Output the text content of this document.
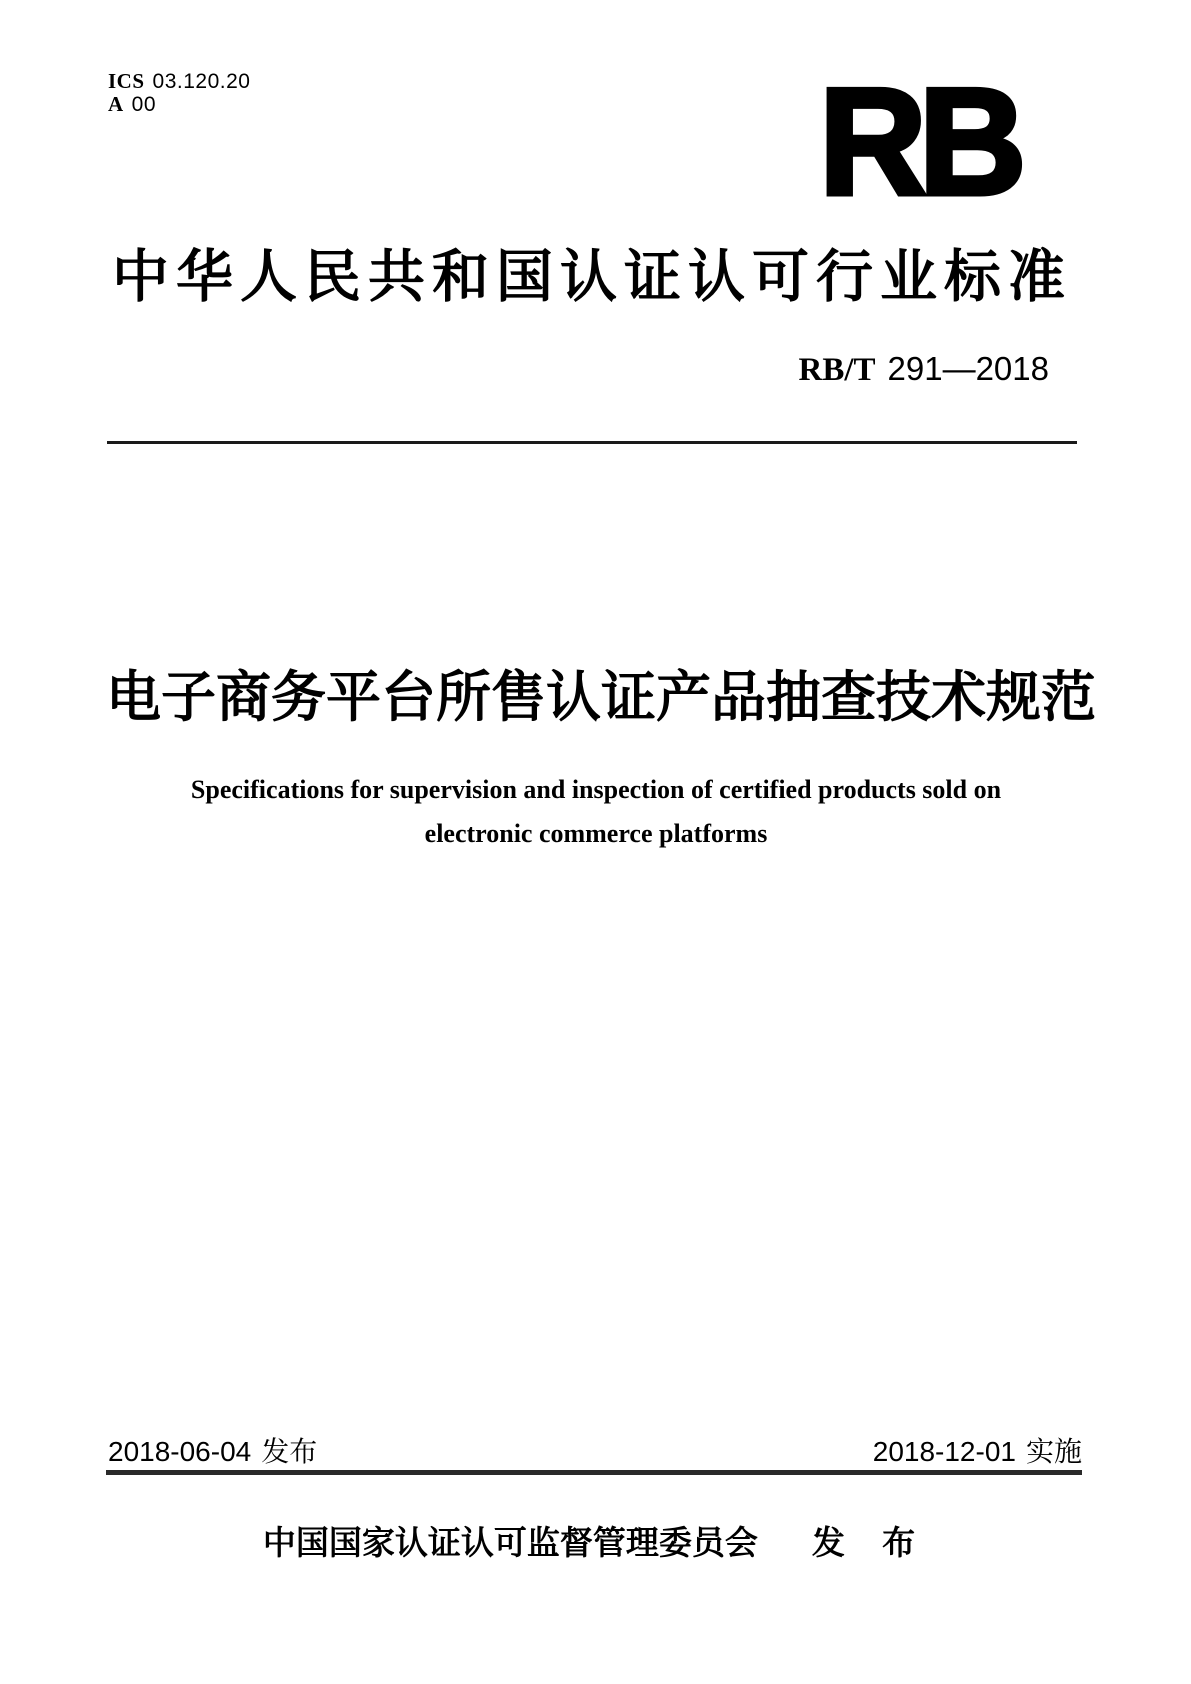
ICS 03.120.20
A 00	RB
中华人民共和国认证认可行业标准
RB/T 291—2018
电子商务平台所售认证产品抽查技术规范
Specifications for supervision and inspection of certified products sold on
electronic commerce platforms
2018-06-04 发布	2018-12-01 实施
中国国家认证认可监督管理委员会 发 布
